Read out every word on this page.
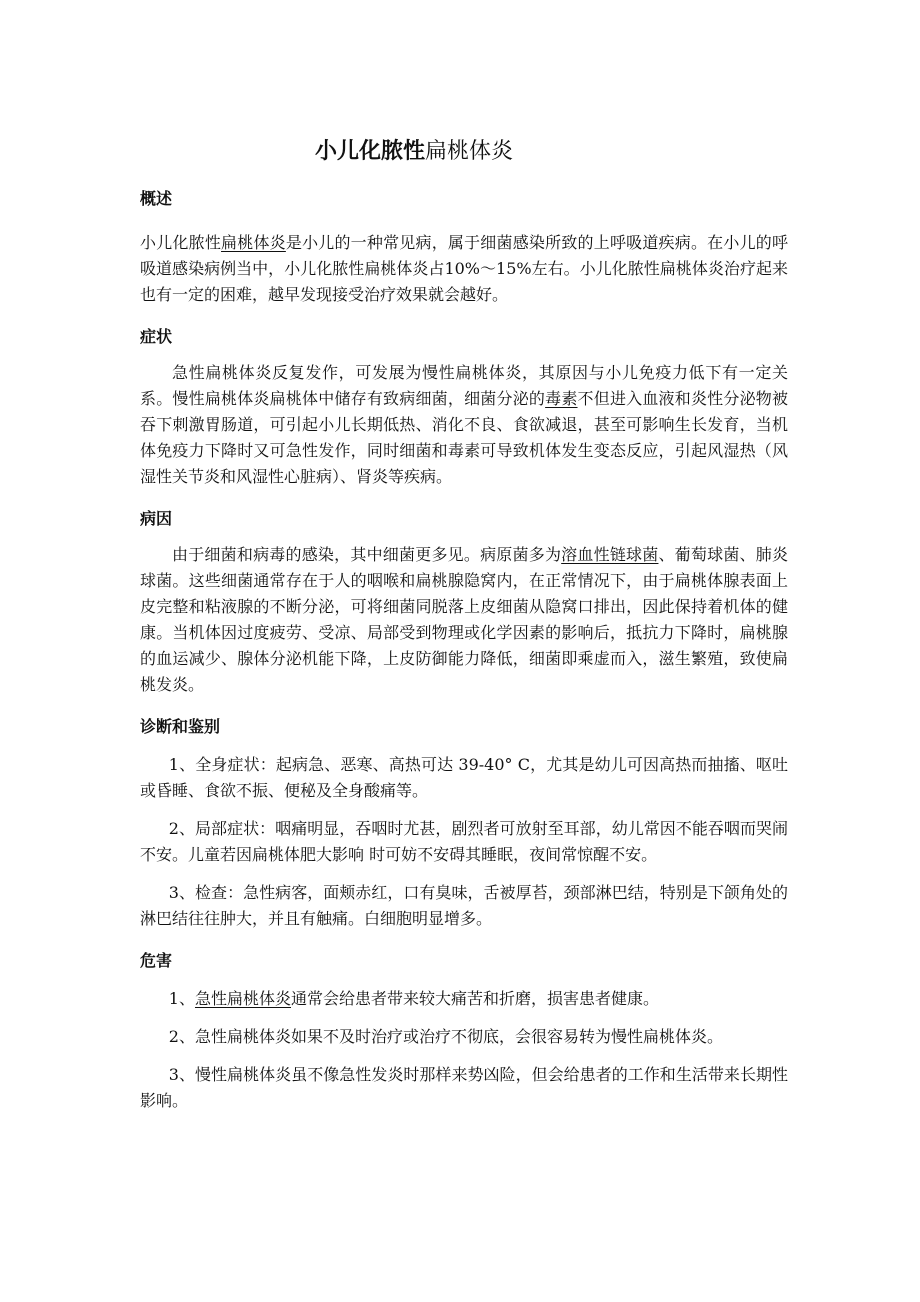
小儿化脓性扁桃体炎
概述

小儿化脓性扁桃体炎是小儿的一种常见病，属于细菌感染所致的上呼吸道疾病。在小儿的呼吸道感染病例当中，小儿化脓性扁桃体炎占10%～15%左右。小儿化脓性扁桃体炎治疗起来也有一定的困难，越早发现接受治疗效果就会越好。

症状

急性扁桃体炎反复发作，可发展为慢性扁桃体炎，其原因与小儿免疫力低下有一定关系。慢性扁桃体炎扁桃体中储存有致病细菌，细菌分泌的毒素不但进入血液和炎性分泌物被吞下刺激胃肠道，可引起小儿长期低热、消化不良、食欲减退，甚至可影响生长发育，当机体免疫力下降时又可急性发作，同时细菌和毒素可导致机体发生变态反应，引起风湿热（风湿性关节炎和风湿性心脏病）、肾炎等疾病。

病因

由于细菌和病毒的感染，其中细菌更多见。病原菌多为溶血性链球菌、葡萄球菌、肺炎球菌。这些细菌通常存在于人的咽喉和扁桃腺隐窝内，在正常情况下，由于扁桃体腺表面上皮完整和粘液腺的不断分泌，可将细菌同脱落上皮细菌从隐窝口排出，因此保持着机体的健康。当机体因过度疲劳、受凉、局部受到物理或化学因素的影响后，抵抗力下降时，扁桃腺的血运减少、腺体分泌机能下降，上皮防御能力降低，细菌即乘虚而入，滋生繁殖，致使扁桃发炎。

诊断和鉴别

1、全身症状：起病急、恶寒、高热可达 39-40° C，尤其是幼儿可因高热而抽搐、呕吐或昏睡、食欲不振、便秘及全身酸痛等。

2、局部症状：咽痛明显，吞咽时尤甚，剧烈者可放射至耳部，幼儿常因不能吞咽而哭闹不安。儿童若因扁桃体肥大影响 时可妨不安碍其睡眠，夜间常惊醒不安。

3、检查：急性病客，面颊赤红，口有臭味，舌被厚苔，颈部淋巴结，特别是下颌角处的淋巴结往往肿大，并且有触痛。白细胞明显增多。

危害

1、急性扁桃体炎通常会给患者带来较大痛苦和折磨，损害患者健康。

2、急性扁桃体炎如果不及时治疗或治疗不彻底，会很容易转为慢性扁桃体炎。

3、慢性扁桃体炎虽不像急性发炎时那样来势凶险，但会给患者的工作和生活带来长期性影响。
